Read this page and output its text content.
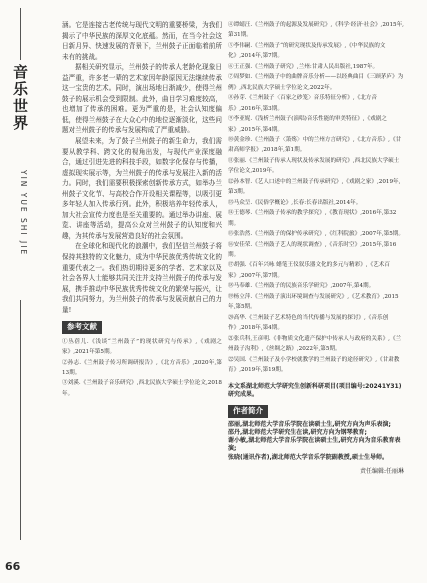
音乐世界
YIN YUE SHI JIE
66

涵。它是连接古老传统与现代文明的重要桥梁，为我们揭示了中华民族的深厚文化底蕴。然而，在当今社会这日新月异、快速发展的背景下，兰州鼓子正面临着前所未有的挑战。

据相关研究显示，兰州鼓子的传承人老龄化现象日益严重，许多老一辈的艺术家因年龄原因无法继续传承这一宝贵的艺术。同时，演出场地日渐减少，使得兰州鼓子的展示机会受到限制。此外，曲目学习难度较高，也增加了传承的困难。更为严重的是，社会认知度偏低，使得兰州鼓子在大众心中的地位逐渐淡化，这些问题对兰州鼓子的传承与发展构成了严重威胁。

展望未来，为了鼓子兰州鼓子的新生命力，我们需要从教学科、跨文化的视角出发，与现代产业深度融合，通过引进先进的科技手段，如数字化保存与传播，虚拟现实展示等，为兰州鼓子的传承与发展注入新的活力。同时，我们需要积极探索创新传承方式，如举办兰州鼓子文化节、与高校合作开设相关课程等，以吸引更多年轻人加入传承行列。此外，积极培养年轻传承人，加大社会宣传力度也是至关重要的。通过举办讲座、展览、讲座等活动，提高公众对兰州鼓子的认知度和兴趣，为其传承与发展营造良好的社会氛围。

在全球化和现代化的浪潮中，我们坚信兰州鼓子将保持其独特的文化魅力，成为中华民族优秀传统文化的重要代表之一。我们热切期待更多的学者、艺术家以及社会各界人士能够共同关注并支持兰州鼓子的传承与发展，携手推动中华民族优秀传统文化的繁荣与振兴，让我们共同努力，为兰州鼓子的传承与发展贡献自己的力量!

参考文献
①丛蓓儿.《浅谈“兰州鼓子”的现状研究与传承》,《戏剧之家》,2021年第5期。
②孙志.《兰州鼓子传习所调研报告》,《北方音乐》,2020年,第13期。
③刘溪.《兰州鼓子音乐研究》,西北民族大学硕士学位论文,2018年。
④谭蜻汪.《兰州鼓子的起源及发展研究》,《科学·经济·社会》,2015年,第31期。
⑤李伟嗣.《兰州鼓子“的研究现状及传承发展》,《中华民族的文化》,2014年,第7期。
⑥王正强.《兰州鼓子研究》,兰州:甘肃人民出版社,1987年。
⑦周梦如.《兰州鼓子中的曲牌音乐分析——以经典曲目《三顾茅庐》为例》,西北民族大学硕士学位论文,2022年。
⑧孙芽.《兰州鼓子〈百家之砂笼〉音乐特征分析》,《北方音乐》,2016年,第3期。
⑨李亚妮.《浅析兰州鼓子(演唱)音乐性能的审美特征》,《戏剧之家》,2015年,第4期。
⑩黄金珍.《兰州鼓子〈箫殇〉中的兰州方言研究》,《北方音乐》,《甘肃高师学报》,2018年,第1期。
⑪张丽.《兰州鼓子传承人现状及传承发展的研究》,西北民族大学硕士学位论文,2019年。
⑫孙本智.《艺人口述中的兰州鼓子传承研究》,《戏剧之家》,2019年,第3期。
⑬马众呈.《民俗学概论》,长春:长春出版社,2014年。
⑭王德琴.《兰州鼓子传承的教学探究》,《教育现状》,2016年,第32期。
⑮张浩然.《兰州鼓子的保护传承研究》,《红科院旅》,2007年,第5期。
⑯安佳荣.《兰州鼓子艺人的现状调查》,《音乐时空》,2015年,第16期。
⑰胡强.《百年兴咏 蜡笔王仪叙乐器文化的多元与精彩》,《艺术百家》,2007年,第7期。
⑱马奉雄.《兰州鼓子的民族音乐学研究》,2007年,第4期。
⑲杨立萍.《兰州鼓子演出环境调查与发展研究》,《艺术教育》,2015年,第5期。
⑳高华.《兰州鼓子艺术特色的当代传播与发展的探讨》,《音乐创作》,2018年,第4期。
㉑张兵科,王彦明.《非物质文化遗产保护中传承人与政府的关系》,《兰州鼓子沟利》,《丝绸之路》,2022年,第5期。
㉒吴国.《兰州鼓子及小学校就教学的兰州鼓子的途径研究》,《甘肃教育》,2019年,第19期。
本文系湖北师范大学研究生创新科研项目(项目编号:20241Y31)研究成果。
作者简介
邵丽,湖北师范大学音乐学院在读硕士生,研究方向为声乐表演;
邵丹,湖北师范大学研究生在读,研究方向为钢琴教育;
谢小敏,湖北师范大学音乐学院在读硕士生,研究方向为音乐教育表演;
张晓(通讯作者),湖北师范大学音乐学院副教授,硕士生导师。
责任编辑:任丽琳
